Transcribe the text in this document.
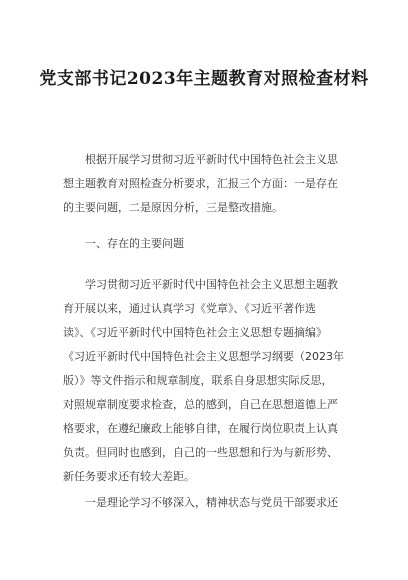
党支部书记2023年主题教育对照检查材料
根据开展学习贯彻习近平新时代中国特色社会主义思
想主题教育对照检查分析要求，汇报三个方面：一是存在
的主要问题，二是原因分析，三是整改措施。
一、存在的主要问题
学习贯彻习近平新时代中国特色社会主义思想主题教
育开展以来，通过认真学习《党章》、《习近平著作选
读》、《习近平新时代中国特色社会主义思想专题摘编》
《习近平新时代中国特色社会主义思想学习纲要（2023年
版）》等文件指示和规章制度，联系自身思想实际反思，
对照规章制度要求检查，总的感到，自己在思想道德上严
格要求，在遵纪廉政上能够自律，在履行岗位职责上认真
负责。但同时也感到，自己的一些思想和行为与新形势、
新任务要求还有较大差距。
一是理论学习不够深入，精神状态与党员干部要求还
